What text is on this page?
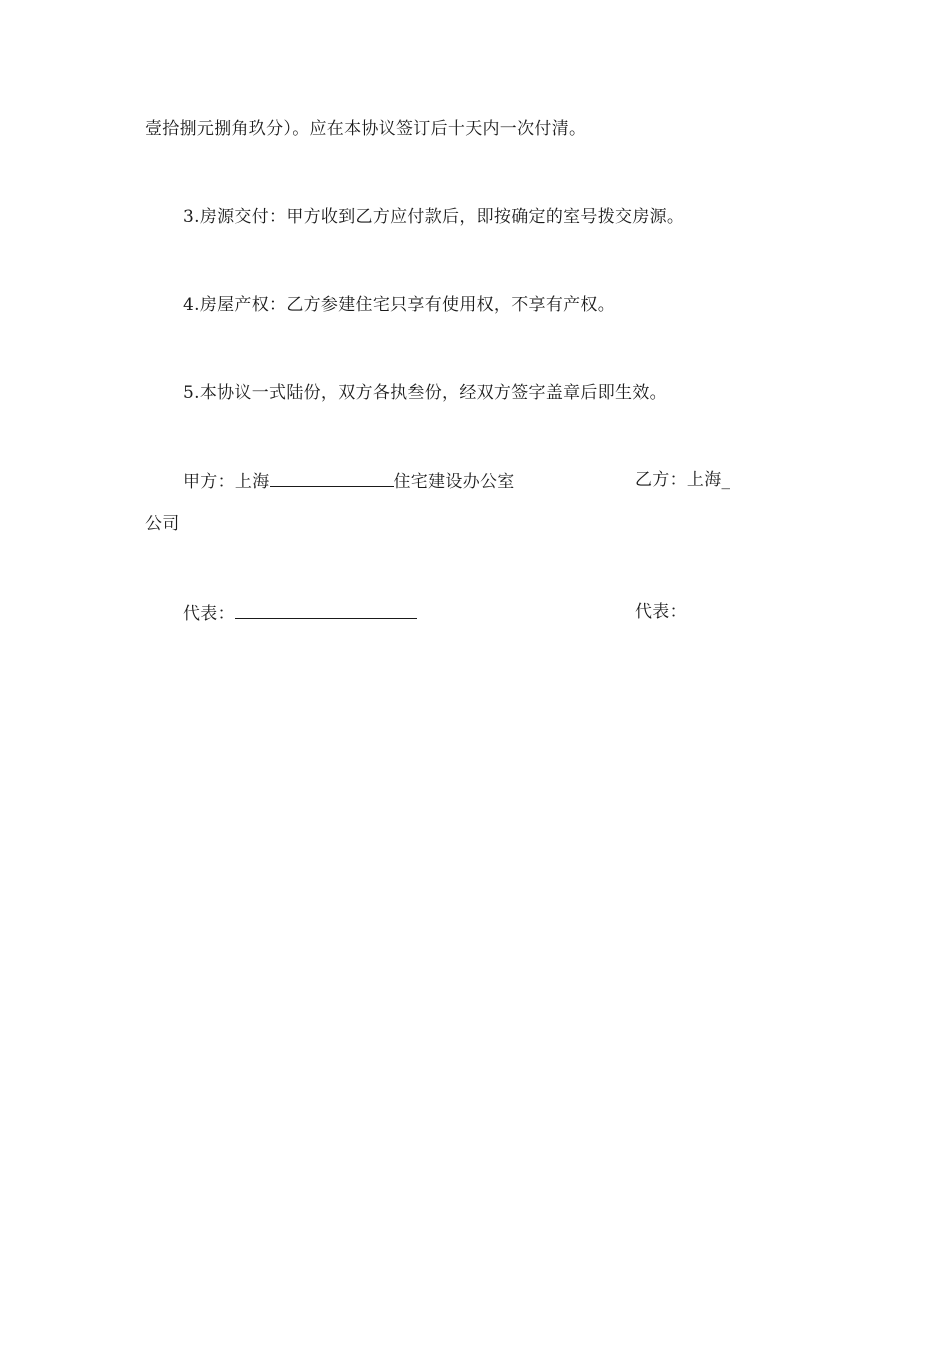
壹拾捌元捌角玖分）。应在本协议签订后十天内一次付清。
3.房源交付：甲方收到乙方应付款后，即按确定的室号拨交房源。
4.房屋产权：乙方参建住宅只享有使用权，不享有产权。
5.本协议一式陆份，双方各执叁份，经双方签字盖章后即生效。
甲方：上海	住宅建设办公室	乙方：上海_
公司
代表：	代表：
